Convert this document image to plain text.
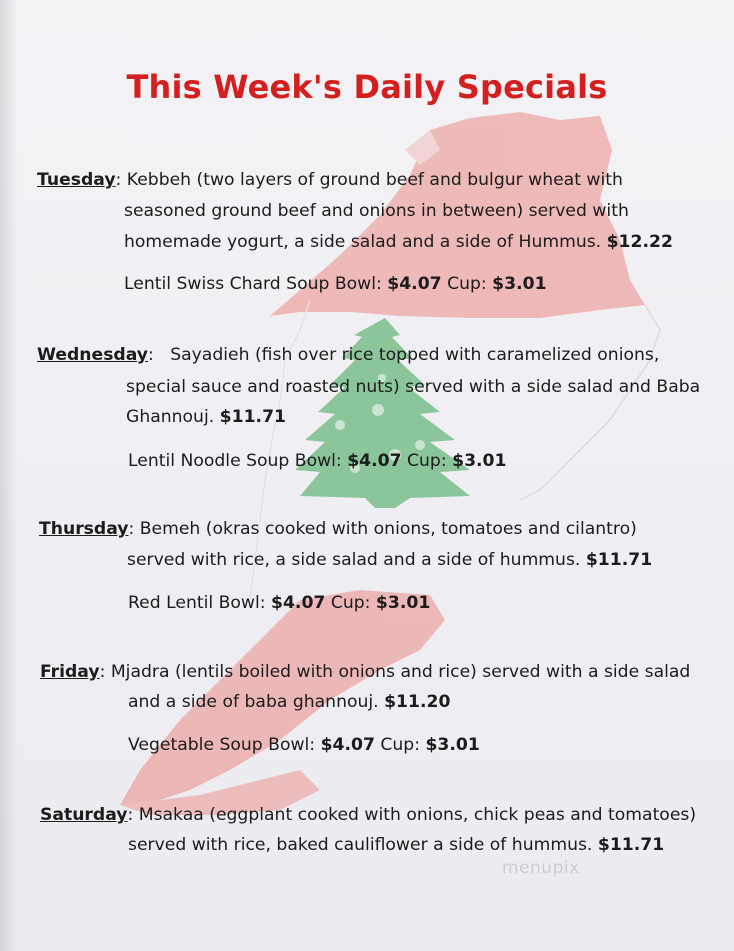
This Week's Daily Specials
Tuesday: Kebbeh (two layers of ground beef and bulgur wheat with
seasoned ground beef and onions in between) served with
homemade yogurt, a side salad and a side of Hummus. $12.22
Lentil Swiss Chard Soup Bowl: $4.07 Cup: $3.01
Wednesday:   Sayadieh (fish over rice topped with caramelized onions,
special sauce and roasted nuts) served with a side salad and Baba
Ghannouj. $11.71
Lentil Noodle Soup Bowl: $4.07 Cup: $3.01
Thursday: Bemeh (okras cooked with onions, tomatoes and cilantro)
served with rice, a side salad and a side of hummus. $11.71
Red Lentil Bowl: $4.07 Cup: $3.01
Friday: Mjadra (lentils boiled with onions and rice) served with a side salad
and a side of baba ghannouj. $11.20
Vegetable Soup Bowl: $4.07 Cup: $3.01
Saturday: Msakaa (eggplant cooked with onions, chick peas and tomatoes)
served with rice, baked cauliflower a side of hummus. $11.71
menupix
